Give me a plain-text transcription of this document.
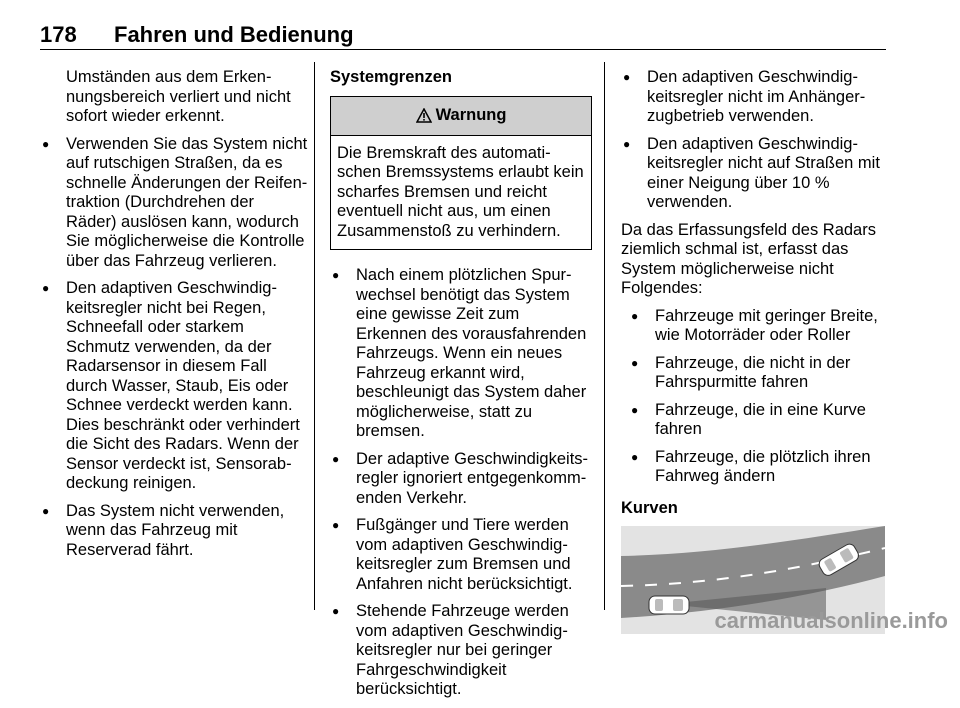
178 Fahren und Bedienung

Umständen aus dem Erkennungsbereich verliert und nicht sofort wieder erkennt.

● Verwenden Sie das System nicht auf rutschigen Straßen, da es schnelle Änderungen der Reifentraktion (Durchdrehen der Räder) auslösen kann, wodurch Sie möglicherweise die Kontrolle über das Fahrzeug verlieren.
● Den adaptiven Geschwindigkeitsregler nicht bei Regen, Schneefall oder starkem Schmutz verwenden, da der Radarsensor in diesem Fall durch Wasser, Staub, Eis oder Schnee verdeckt werden kann. Dies beschränkt oder verhindert die Sicht des Radars. Wenn der Sensor verdeckt ist, Sensorabdeckung reinigen.
● Das System nicht verwenden, wenn das Fahrzeug mit Reserverad fährt.
Systemgrenzen
Warnung
Die Bremskraft des automatischen Bremssystems erlaubt kein scharfes Bremsen und reicht eventuell nicht aus, um einen Zusammenstoß zu verhindern.
● Nach einem plötzlichen Spurwechsel benötigt das System eine gewisse Zeit zum Erkennen des vorausfahrenden Fahrzeugs. Wenn ein neues Fahrzeug erkannt wird, beschleunigt das System daher möglicherweise, statt zu bremsen.
● Der adaptive Geschwindigkeitsregler ignoriert entgegenkommenden Verkehr.
● Fußgänger und Tiere werden vom adaptiven Geschwindigkeitsregler zum Bremsen und Anfahren nicht berücksichtigt.
● Stehende Fahrzeuge werden vom adaptiven Geschwindigkeitsregler nur bei geringer Fahrgeschwindigkeit berücksichtigt.
● Den adaptiven Geschwindigkeitsregler nicht im Anhängerzugbetrieb verwenden.
● Den adaptiven Geschwindigkeitsregler nicht auf Straßen mit einer Neigung über 10 % verwenden.

Da das Erfassungsfeld des Radars ziemlich schmal ist, erfasst das System möglicherweise nicht Folgendes:

● Fahrzeuge mit geringer Breite, wie Motorräder oder Roller
● Fahrzeuge, die nicht in der Fahrspurmitte fahren
● Fahrzeuge, die in eine Kurve fahren
● Fahrzeuge, die plötzlich ihren Fahrweg ändern
Kurven
carmanualsonline.info
